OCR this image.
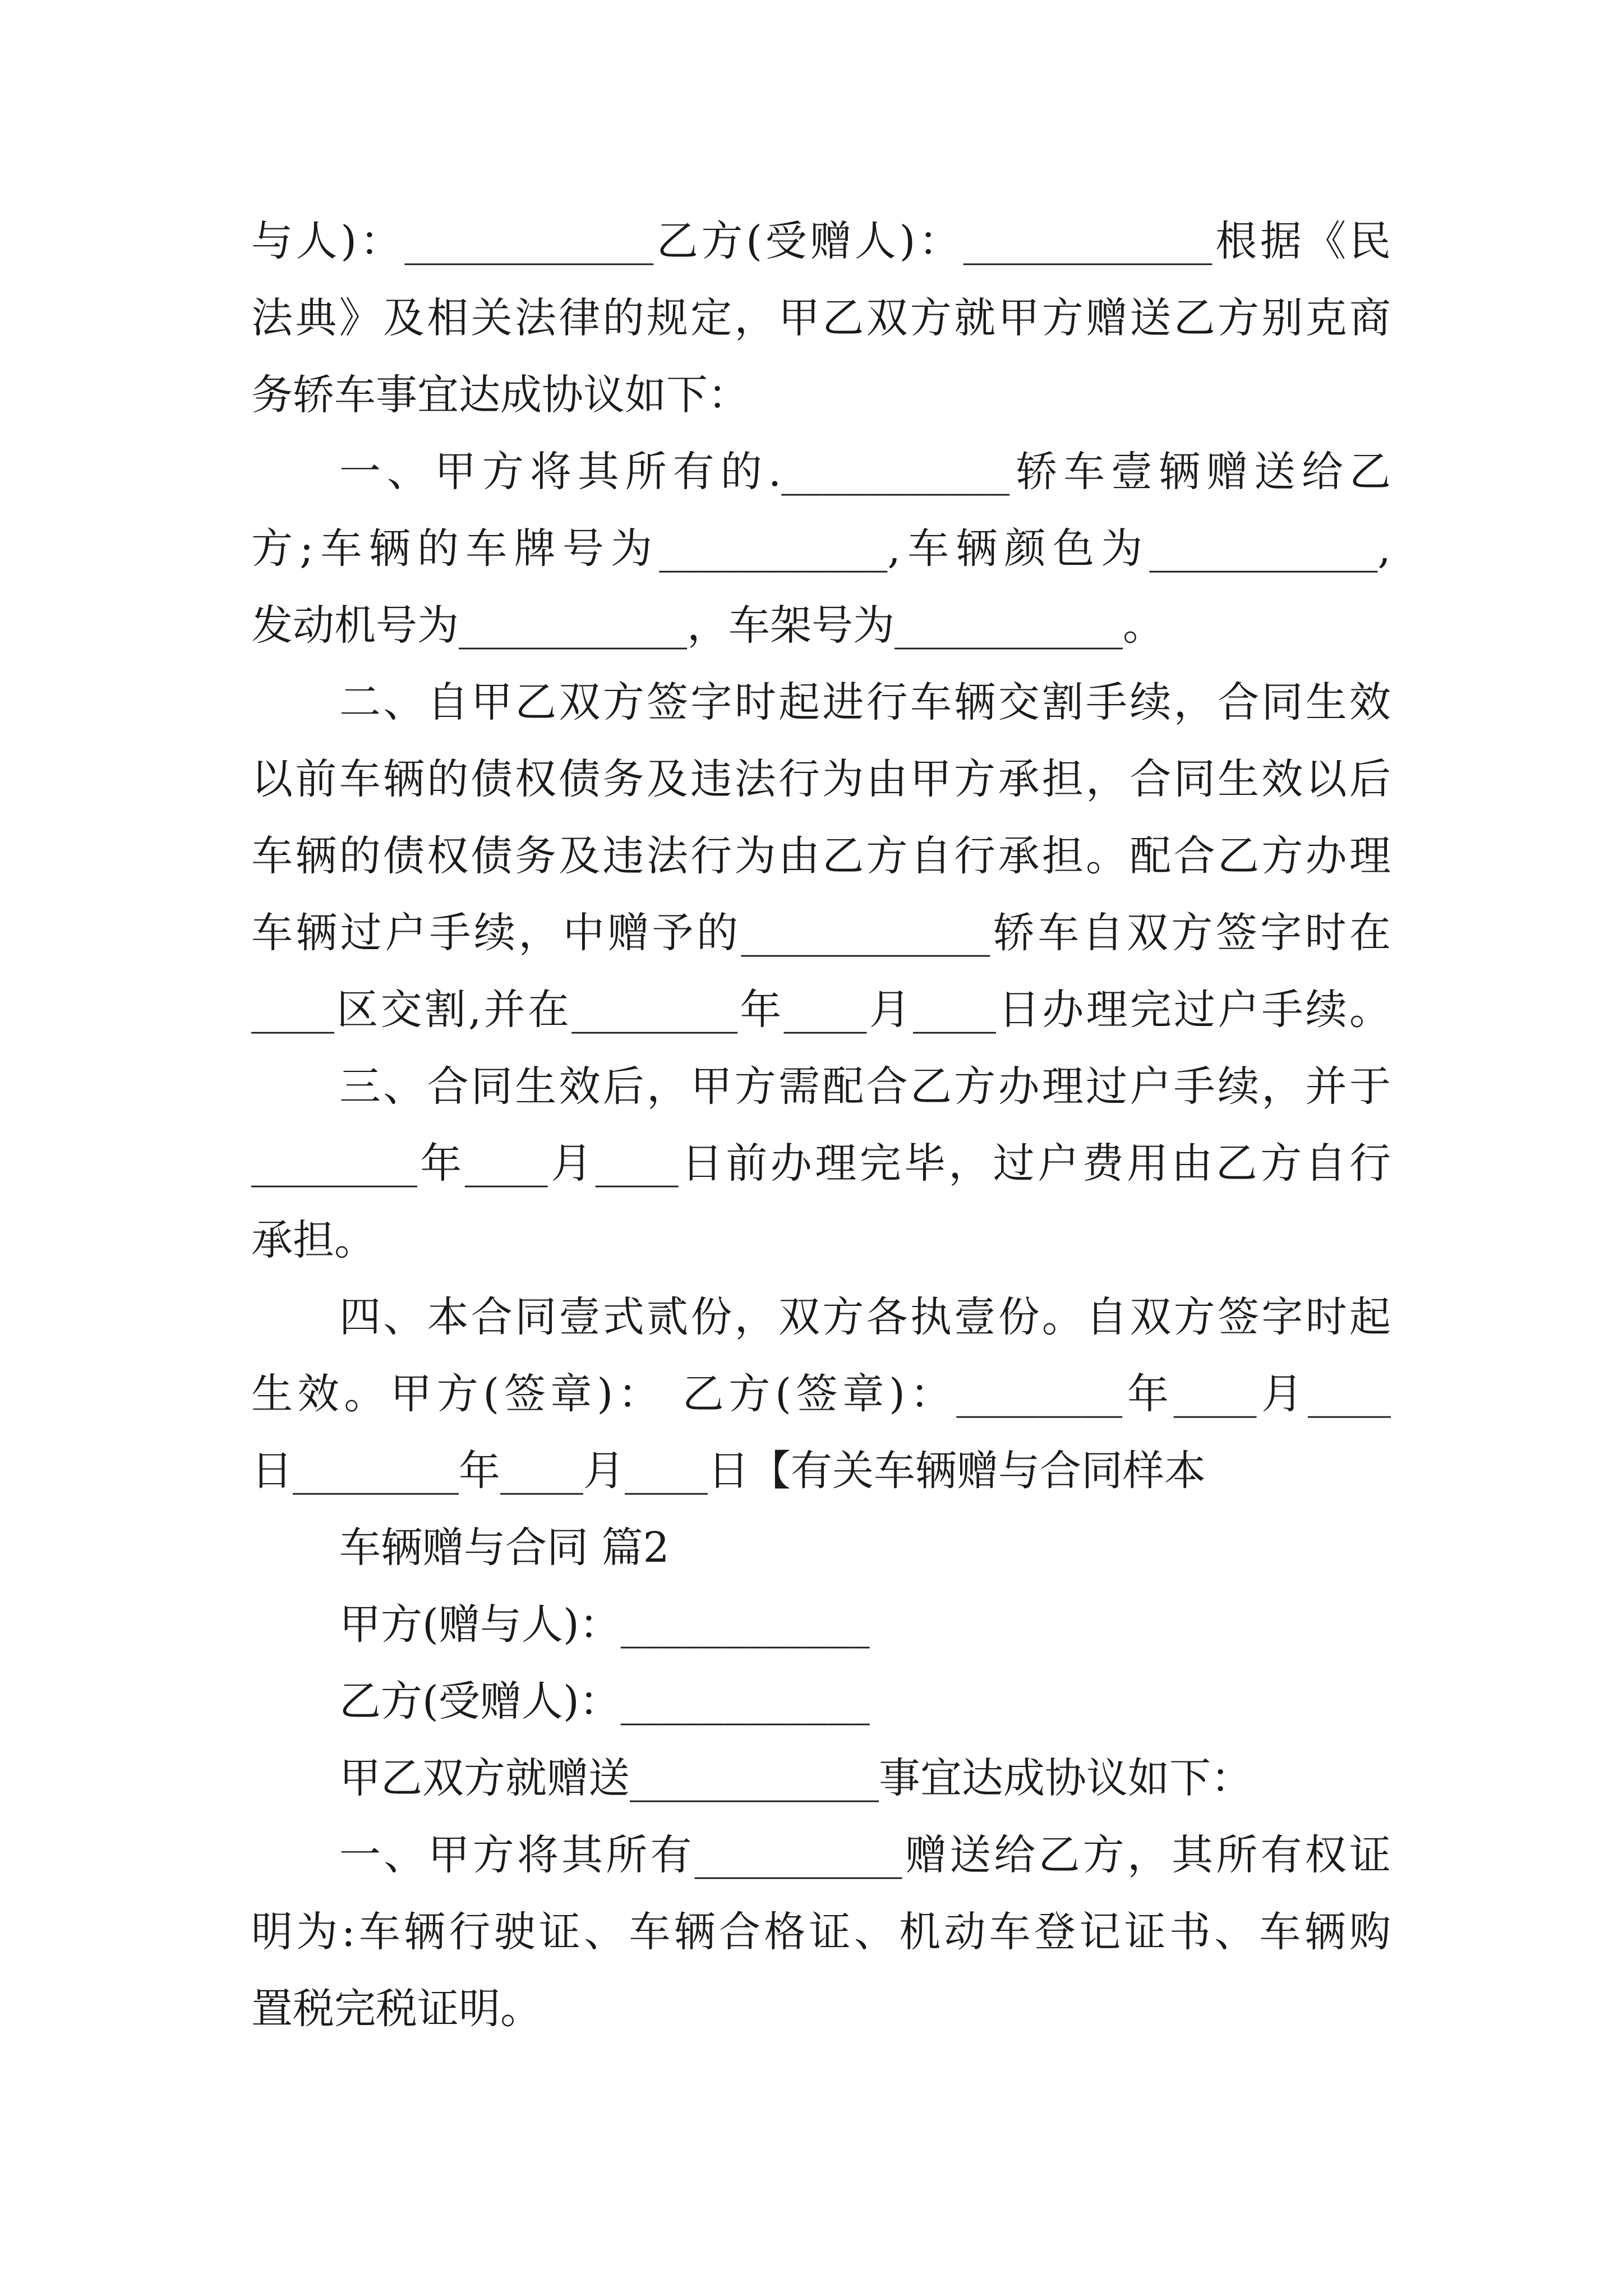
与人)：____________乙方(受赠人)：____________根据《民

法典》及相关法律的规定，甲乙双方就甲方赠送乙方别克商

务轿车事宜达成协议如下：

一、甲方将其所有的.___________轿车壹辆赠送给乙

方;车辆的车牌号为___________,车辆颜色为___________,

发动机号为___________，车架号为___________。

二、自甲乙双方签字时起进行车辆交割手续，合同生效

以前车辆的债权债务及违法行为由甲方承担，合同生效以后

车辆的债权债务及违法行为由乙方自行承担。配合乙方办理

车辆过户手续，中赠予的____________轿车自双方签字时在

____区交割,并在________年____月____日办理完过户手续。

三、合同生效后，甲方需配合乙方办理过户手续，并于

________年____月____日前办理完毕，过户费用由乙方自行

承担。

四、本合同壹式贰份，双方各执壹份。自双方签字时起

生效。甲方(签章)： 乙方(签章)：________年____月____

日________年____月____日【有关车辆赠与合同样本

车辆赠与合同 篇2

甲方(赠与人)：____________

乙方(受赠人)：____________

甲乙双方就赠送____________事宜达成协议如下：

一、甲方将其所有__________赠送给乙方，其所有权证

明为:车辆行驶证、车辆合格证、机动车登记证书、车辆购

置税完税证明。
